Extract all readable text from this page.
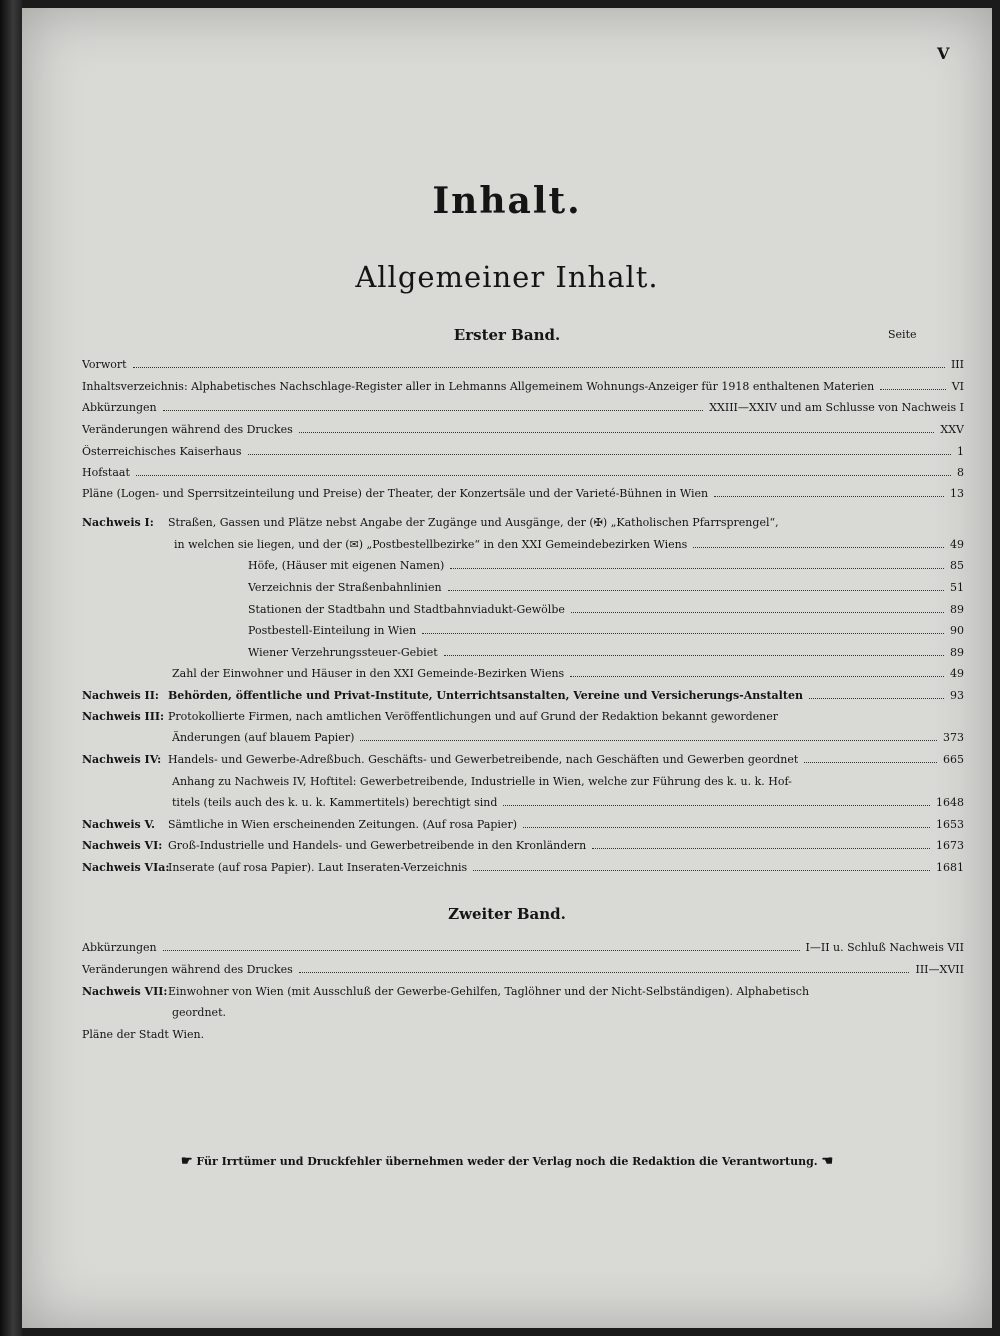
V
Inhalt.
Allgemeiner Inhalt.
Erster Band.	Seite
Vorwort	III
Inhaltsverzeichnis: Alphabetisches Nachschlage-Register aller in Lehmanns Allgemeinem Wohnungs-Anzeiger für 1918 enthaltenen Materien	VI
Abkürzungen	XXIII—XXIV und am Schlusse von Nachweis I
Veränderungen während des Druckes	XXV
Österreichisches Kaiserhaus	1
Hofstaat	8
Pläne (Logen- und Sperrsitzeinteilung und Preise) der Theater, der Konzertsäle und der Varieté-Bühnen in Wien	13
Nachweis I:	Straßen, Gassen und Plätze nebst Angabe der Zugänge und Ausgänge, der (✠) „Katholischen Pfarrsprengel“,
in welchen sie liegen, und der (✉) „Postbestellbezirke“ in den XXI Gemeindebezirken Wiens	49
Höfe, (Häuser mit eigenen Namen)	85
Verzeichnis der Straßenbahnlinien	51
Stationen der Stadtbahn und Stadtbahnviadukt-Gewölbe	89
Postbestell-Einteilung in Wien	90
Wiener Verzehrungssteuer-Gebiet	89
Zahl der Einwohner und Häuser in den XXI Gemeinde-Bezirken Wiens	49
Nachweis II: Behörden, öffentliche und Privat-Institute, Unterrichtsanstalten, Vereine und Versicherungs-Anstalten	93
Nachweis III: Protokollierte Firmen, nach amtlichen Veröffentlichungen und auf Grund der Redaktion bekannt gewordener
Änderungen (auf blauem Papier)	373
Nachweis IV: Handels- und Gewerbe-Adreßbuch. Geschäfts- und Gewerbetreibende, nach Geschäften und Gewerben geordnet	665
Anhang zu Nachweis IV, Hoftitel: Gewerbetreibende, Industrielle in Wien, welche zur Führung des k. u. k. Hof-
titels (teils auch des k. u. k. Kammertitels) berechtigt sind	1648
Nachweis V.	Sämtliche in Wien erscheinenden Zeitungen. (Auf rosa Papier)	1653
Nachweis VI: Groß-Industrielle und Handels- und Gewerbetreibende in den Kronländern	1673
Nachweis VIa:
Inserate (auf rosa Papier). Laut Inseraten-Verzeichnis	1681
Zweiter Band.
Abkürzungen	I—II u. Schluß Nachweis VII
Veränderungen während des Druckes	III—XVII
Nachweis VII: Einwohner von Wien (mit Ausschluß der Gewerbe-Gehilfen, Taglöhner und der Nicht-Selbständigen). Alphabetisch
geordnet.
Pläne der Stadt Wien.
☛ Für Irrtümer und Druckfehler übernehmen weder der Verlag noch die Redaktion die Verantwortung. ☚
